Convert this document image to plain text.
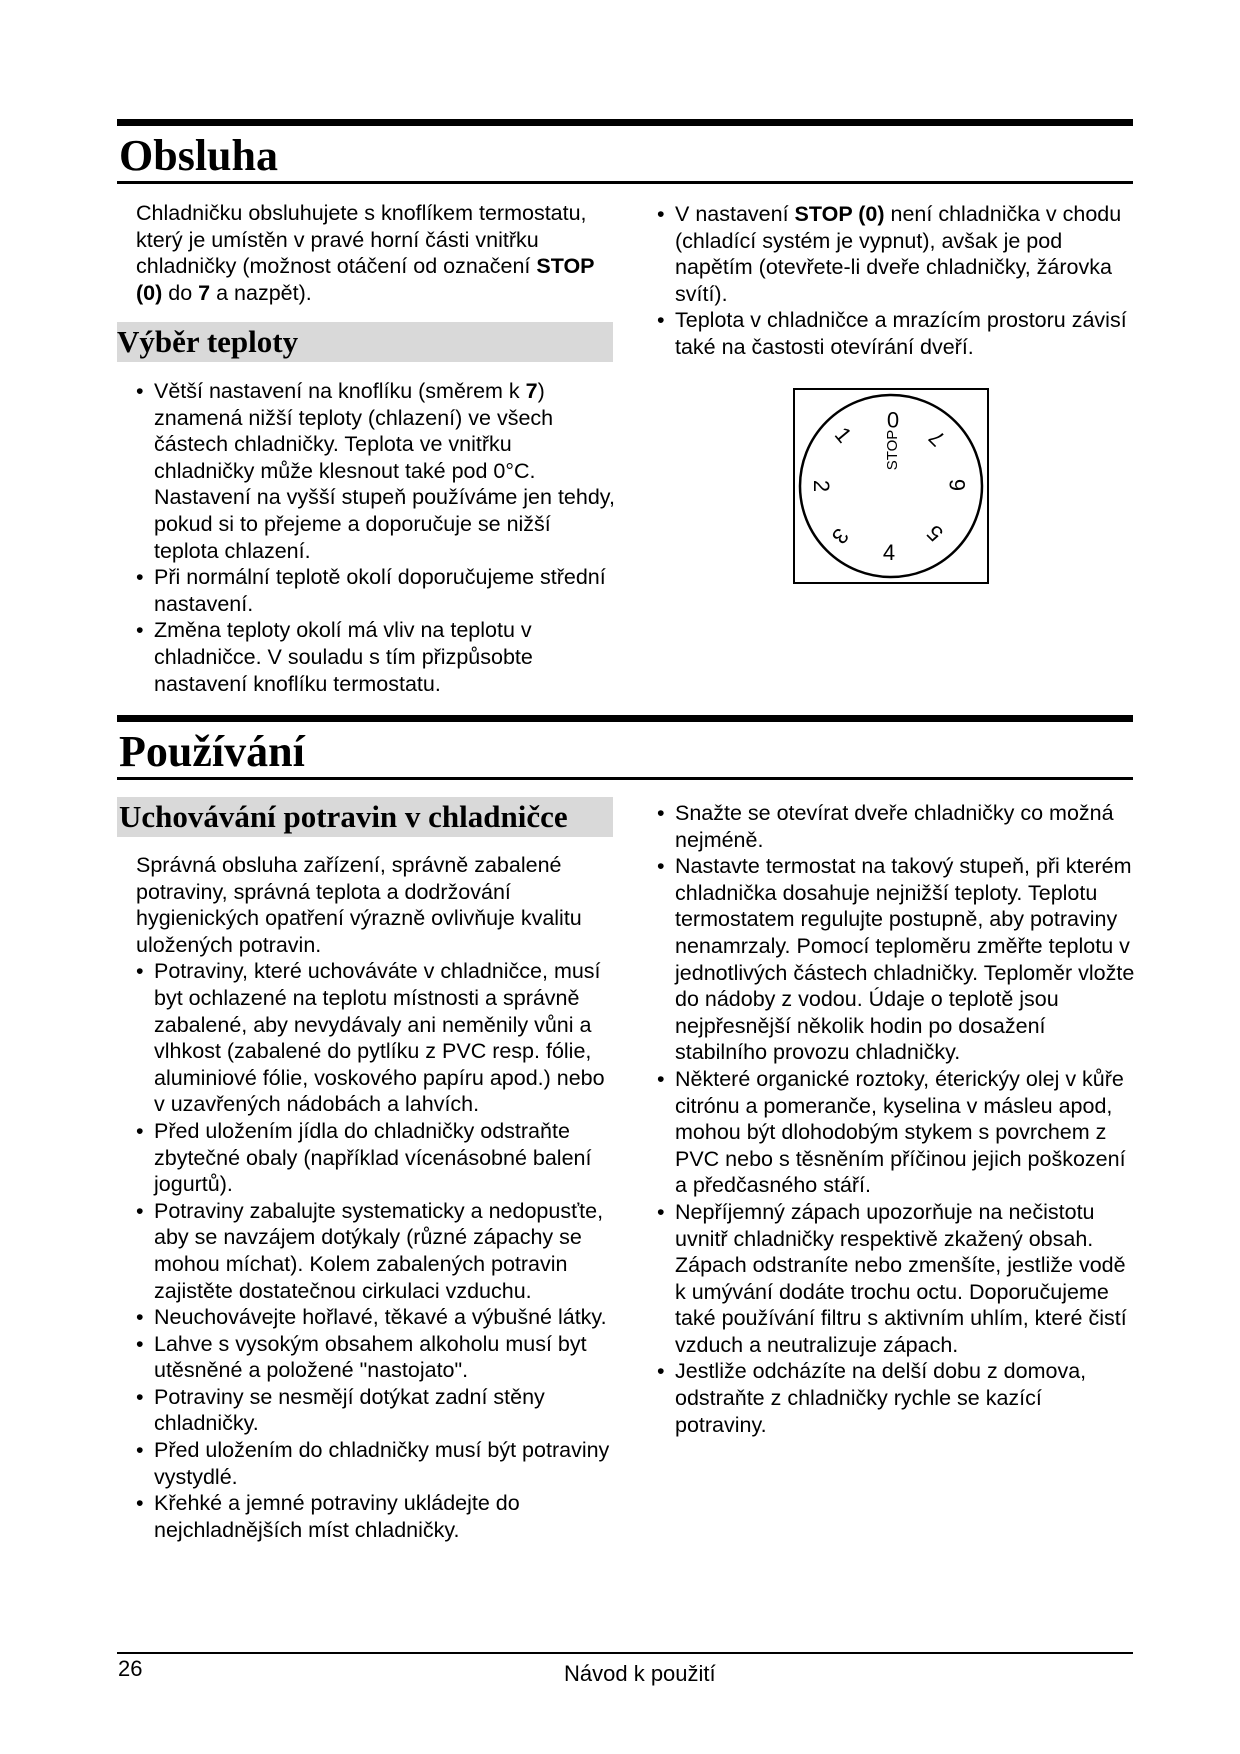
Obsluha

Chladničku obsluhujete s knoflíkem termostatu, který je umístěn v pravé horní části vnitřku chladničky (možnost otáčení od označení STOP (0) do 7 a nazpět).

Výběr teploty
• Větší nastavení na knoflíku (směrem k 7) znamená nižší teploty (chlazení) ve všech částech chladničky. Teplota ve vnitřku chladničky může klesnout také pod 0°C. Nastavení na vyšší stupeň používáme jen tehdy, pokud si to přejeme a doporučuje se nižší teplota chlazení.
• Při normální teplotě okolí doporučujeme střední nastavení.
• Změna teploty okolí má vliv na teplotu v chladničce. V souladu s tím přizpůsobte nastavení knoflíku termostatu.
• V nastavení STOP (0) není chladnička v chodu (chladící systém je vypnut), avšak je pod napětím (otevřete-li dveře chladničky, žárovka svítí).
• Teplota v chladničce a mrazícím prostoru závisí také na častosti otevírání dveří.
0
STOP
1
2
3
4
5
6
7
Používání
Uchovávání potravin v chladničce

Správná obsluha zařízení, správně zabalené potraviny, správná teplota a dodržování hygienických opatření výrazně ovlivňuje kvalitu uložených potravin.

• Potraviny, které uchováváte v chladničce, musí byt ochlazené na teplotu místnosti a správně zabalené, aby nevydávaly ani neměnily vůni a vlhkost (zabalené do pytlíku z PVC resp. fólie, aluminiové fólie, voskového papíru apod.) nebo v uzavřených nádobách a lahvích.
• Před uložením jídla do chladničky odstraňte zbytečné obaly (například vícenásobné balení jogurtů).
• Potraviny zabalujte systematicky a nedopusťte, aby se navzájem dotýkaly (různé zápachy se mohou míchat). Kolem zabalených potravin zajistěte dostatečnou cirkulaci vzduchu.
• Neuchovávejte hořlavé, těkavé a výbušné látky.
• Lahve s vysokým obsahem alkoholu musí byt utěsněné a položené "nastojato".
• Potraviny se nesmějí dotýkat zadní stěny chladničky.
• Před uložením do chladničky musí být potraviny vystydlé.
• Křehké a jemné potraviny ukládejte do nejchladnějších míst chladničky.
• Snažte se otevírat dveře chladničky co možná nejméně.
• Nastavte termostat na takový stupeň, při kterém chladnička dosahuje nejnižší teploty. Teplotu termostatem regulujte postupně, aby potraviny nenamrzaly. Pomocí teploměru změřte teplotu v jednotlivých částech chladničky. Teploměr vložte do nádoby z vodou. Údaje o teplotě jsou nejpřesnější několik hodin po dosažení stabilního provozu chladničky.
• Některé organické roztoky, éterickýy olej v kůře citrónu a pomeranče, kyselina v másleu apod, mohou být dlohodobým stykem s povrchem z PVC nebo s těsněním příčinou jejich poškození a předčasného stáří.
• Nepříjemný zápach upozorňuje na nečistotu uvnitř chladničky respektivě zkažený obsah. Zápach odstraníte nebo zmenšíte, jestliže vodě k umývání dodáte trochu octu. Doporučujeme také používání filtru s aktivním uhlím, které čistí vzduch a neutralizuje zápach.
• Jestliže odcházíte na delší dobu z domova, odstraňte z chladničky rychle se kazící potraviny.
26	Návod k použití
